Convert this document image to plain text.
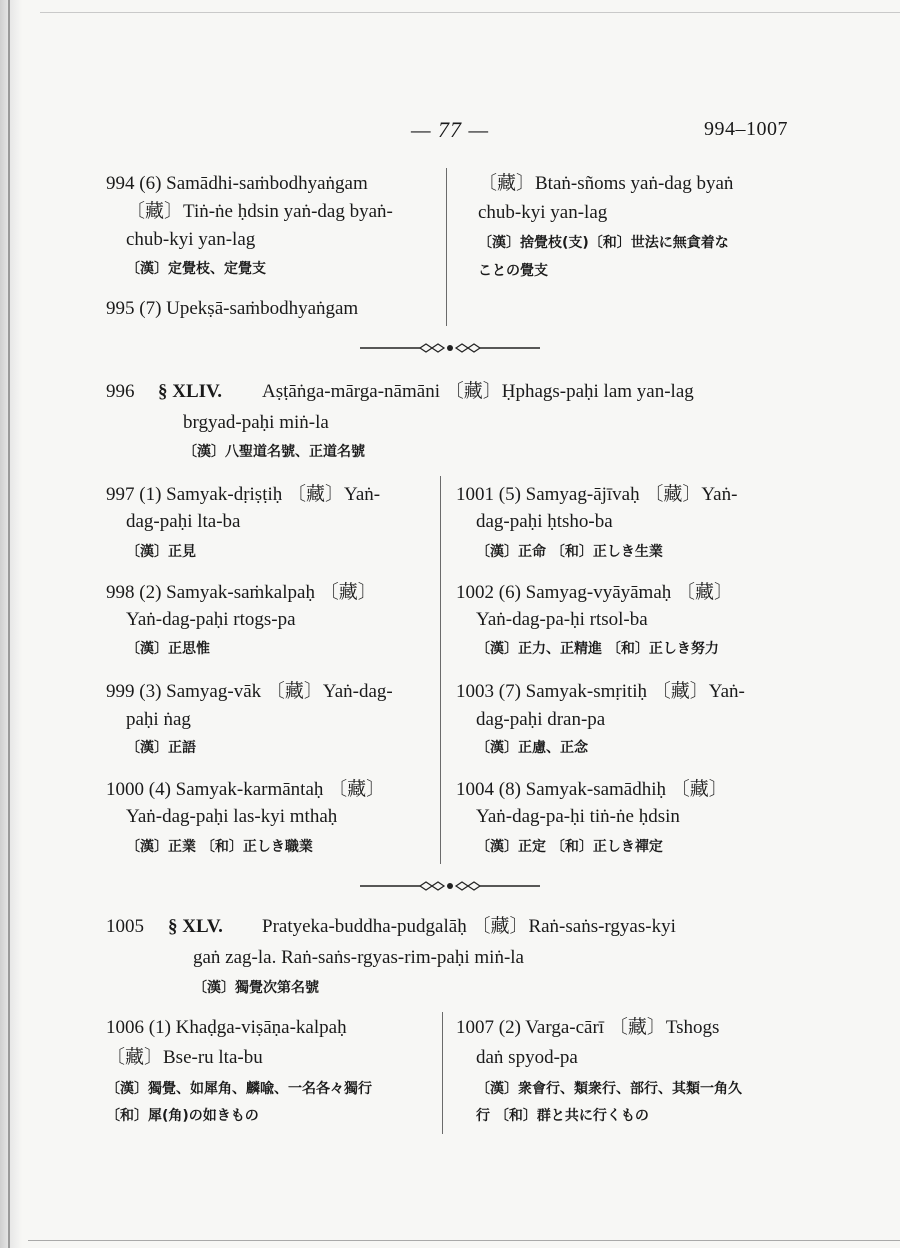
— 77 —	994–1007
994 (6) Samādhi-saṁbodhyaṅgam
〔藏〕Tiṅ-ṅe ḥdsin yaṅ-dag byaṅ-
chub-kyi yan-lag
〔漢〕定覺枝、定覺支
995 (7) Upekṣā-saṁbodhyaṅgam
〔藏〕Btaṅ-sñoms yaṅ-dag byaṅ
chub-kyi yan-lag
〔漢〕捨覺枝(支)〔和〕世法に無貪着な
ことの覺支
996 § XLIV. Aṣṭāṅga-mārga-nāmāni 〔藏〕Ḥphags-paḥi lam yan-lag
brgyad-paḥi miṅ-la
〔漢〕八聖道名號、正道名號
997 (1) Samyak-dṛiṣṭiḥ 〔藏〕Yaṅ-
dag-paḥi lta-ba
〔漢〕正見
998 (2) Samyak-saṁkalpaḥ 〔藏〕
Yaṅ-dag-paḥi rtogs-pa
〔漢〕正思惟
999 (3) Samyag-vāk 〔藏〕Yaṅ-dag-
paḥi ṅag
〔漢〕正語
1000 (4) Samyak-karmāntaḥ 〔藏〕
Yaṅ-dag-paḥi las-kyi mthaḥ
〔漢〕正業 〔和〕正しき職業
1001 (5) Samyag-ājīvaḥ 〔藏〕Yaṅ-
dag-paḥi ḥtsho-ba
〔漢〕正命 〔和〕正しき生業
1002 (6) Samyag-vyāyāmaḥ 〔藏〕
Yaṅ-dag-pa-ḥi rtsol-ba
〔漢〕正力、正精進 〔和〕正しき努力
1003 (7) Samyak-smṛitiḥ 〔藏〕Yaṅ-
dag-paḥi dran-pa
〔漢〕正慮、正念
1004 (8) Samyak-samādhiḥ 〔藏〕
Yaṅ-dag-pa-ḥi tiṅ-ṅe ḥdsin
〔漢〕正定 〔和〕正しき禪定
1005 § XLV. Pratyeka-buddha-pudgalāḥ 〔藏〕Raṅ-saṅs-rgyas-kyi
gaṅ zag-la. Raṅ-saṅs-rgyas-rim-paḥi miṅ-la
〔漢〕獨覺次第名號
1006 (1) Khaḍga-viṣāṇa-kalpaḥ
〔藏〕Bse-ru lta-bu
〔漢〕獨覺、如犀角、麟喩、一名各々獨行
〔和〕犀(角)の如きもの
1007 (2) Varga-cārī 〔藏〕Tshogs
daṅ spyod-pa
〔漢〕衆會行、類衆行、部行、其類一角久
行 〔和〕群と共に行くもの
